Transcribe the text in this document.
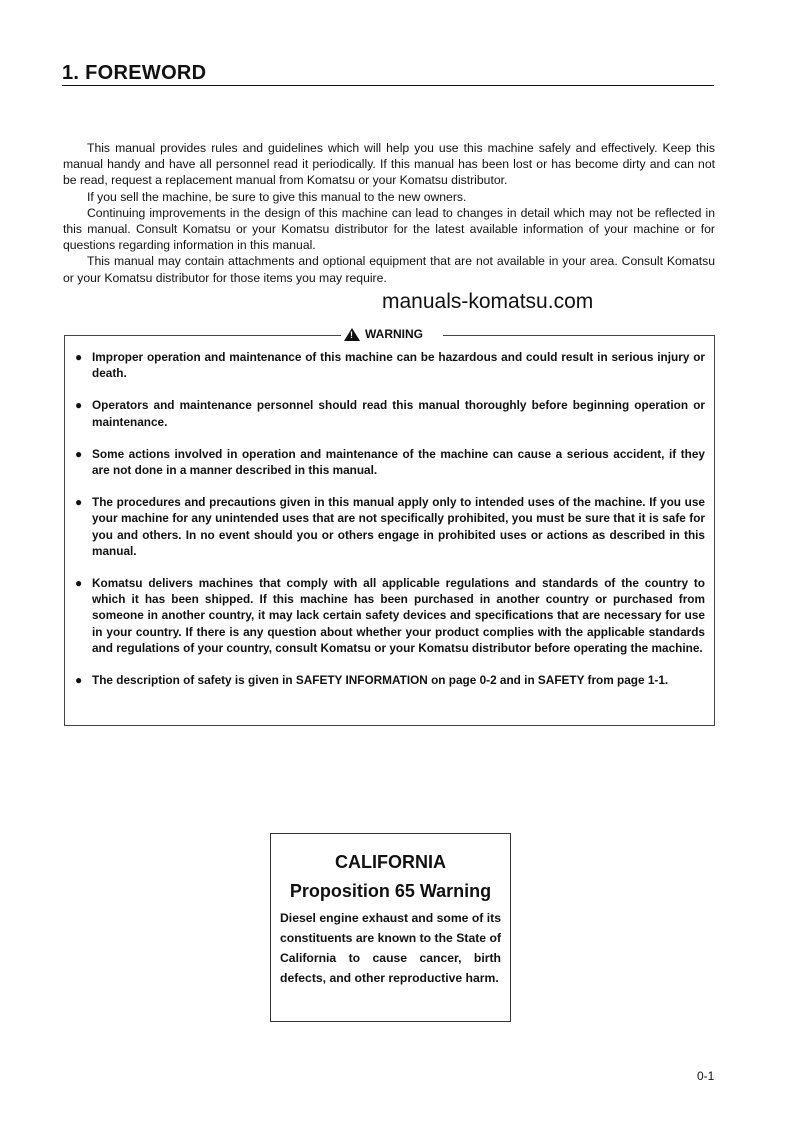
1. FOREWORD

This manual provides rules and guidelines which will help you use this machine safely and effectively. Keep this manual handy and have all personnel read it periodically. If this manual has been lost or has become dirty and can not be read, request a replacement manual from Komatsu or your Komatsu distributor.

If you sell the machine, be sure to give this manual to the new owners.

Continuing improvements in the design of this machine can lead to changes in detail which may not be reflected in this manual. Consult Komatsu or your Komatsu distributor for the latest available information of your machine or for questions regarding information in this manual.

This manual may contain attachments and optional equipment that are not available in your area. Consult Komatsu or your Komatsu distributor for those items you may require.

manuals-komatsu.com
!
WARNING
● Improper operation and maintenance of this machine can be hazardous and could result in serious injury or death.
● Operators and maintenance personnel should read this manual thoroughly before beginning operation or maintenance.
● Some actions involved in operation and maintenance of the machine can cause a serious accident, if they are not done in a manner described in this manual.
● The procedures and precautions given in this manual apply only to intended uses of the machine. If you use your machine for any unintended uses that are not specifically prohibited, you must be sure that it is safe for you and others. In no event should you or others engage in prohibited uses or actions as described in this manual.
● Komatsu delivers machines that comply with all applicable regulations and standards of the country to which it has been shipped. If this machine has been purchased in another country or purchased from someone in another country, it may lack certain safety devices and specifications that are necessary for use in your country. If there is any question about whether your product complies with the applicable standards and regulations of your country, consult Komatsu or your Komatsu distributor before operating the machine.
● The description of safety is given in SAFETY INFORMATION on page 0-2 and in SAFETY from page 1-1.
CALIFORNIA
Proposition 65 Warning
Diesel engine exhaust and some of its constituents are known to the State of California to cause cancer, birth defects, and other reproductive harm.
0-1
